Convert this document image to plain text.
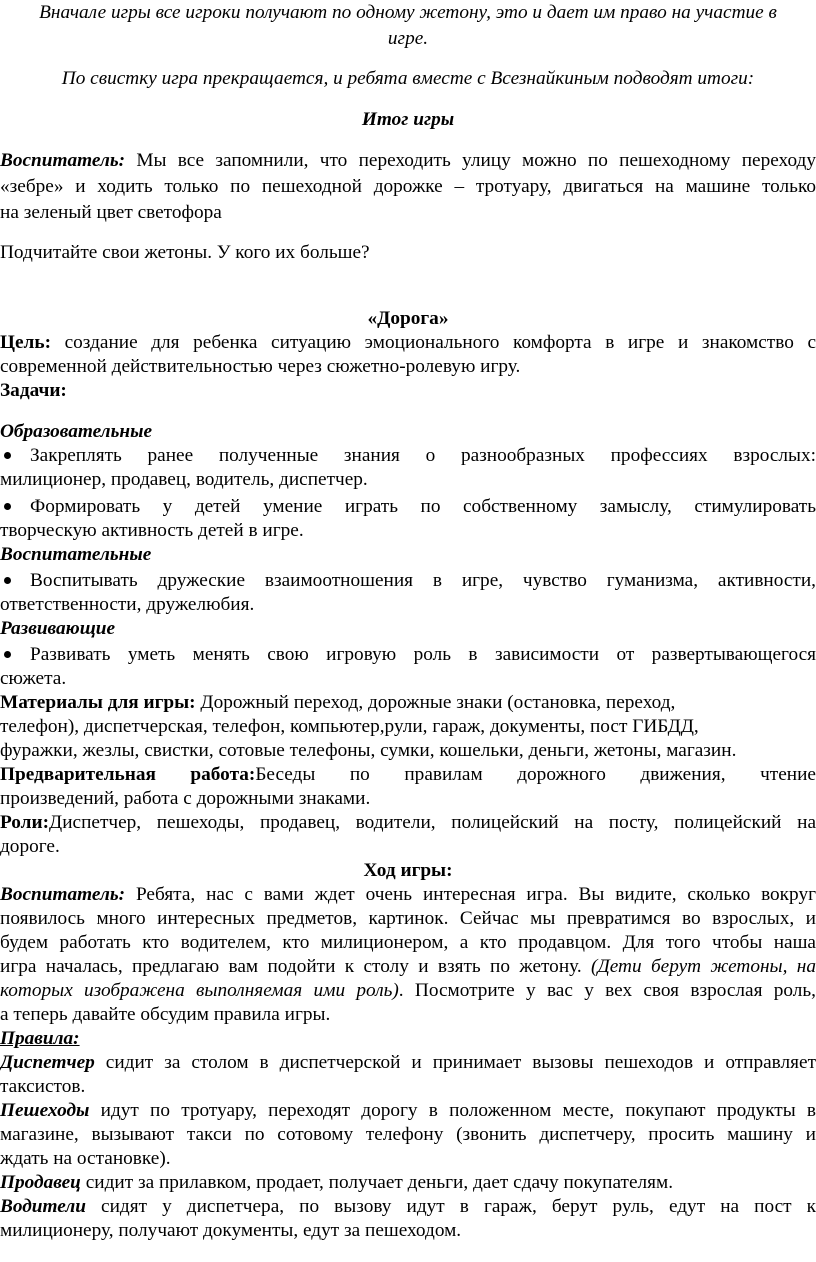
Вначале игры все игроки получают по одному жетону, это и дает им право на участие в
игре.
По свистку игра прекращается, и ребята вместе с Всезнайкиным подводят итоги:
Итог игры
Воспитатель: Мы все запомнили, что переходить улицу можно по пешеходному переходу
«зебре» и ходить только по пешеходной дорожке – тротуару, двигаться на машине только
на зеленый цвет светофора
Подчитайте свои жетоны. У кого их больше?
«Дорога»
Цель: создание для ребенка ситуацию эмоционального комфорта в игре и знакомство с
современной действительностью через сюжетно-ролевую игру.
Задачи:
Образовательные
Закреплять ранее полученные знания о разнообразных профессиях взрослых:
милиционер, продавец, водитель, диспетчер.
Формировать у детей умение играть по собственному замыслу, стимулировать
творческую активность детей в игре.
Воспитательные
Воспитывать дружеские взаимоотношения в игре, чувство гуманизма, активности,
ответственности, дружелюбия.
Развивающие
Развивать уметь менять свою игровую роль в зависимости от развертывающегося
сюжета.
Материалы для игры: Дорожный переход, дорожные знаки (остановка, переход,
телефон), диспетчерская, телефон, компьютер,рули, гараж, документы, пост ГИБДД,
фуражки, жезлы, свистки, сотовые телефоны, сумки, кошельки, деньги, жетоны, магазин.
Предварительная работа:Беседы по правилам дорожного движения, чтение
произведений, работа с дорожными знаками.
Роли:Диспетчер, пешеходы, продавец, водители, полицейский на посту, полицейский на
дороге.
Ход игры:
Воспитатель: Ребята, нас с вами ждет очень интересная игра. Вы видите, сколько вокруг
появилось много интересных предметов, картинок. Сейчас мы превратимся во взрослых, и
будем работать кто водителем, кто милиционером, а кто продавцом. Для того чтобы наша
игра началась, предлагаю вам подойти к столу и взять по жетону. (Дети берут жетоны, на
которых изображена выполняемая ими роль). Посмотрите у вас у вех своя взрослая роль,
а теперь давайте обсудим правила игры.
Правила:
Диспетчер сидит за столом в диспетчерской и принимает вызовы пешеходов и отправляет
таксистов.
Пешеходы идут по тротуару, переходят дорогу в положенном месте, покупают продукты в
магазине, вызывают такси по сотовому телефону (звонить диспетчеру, просить машину и
ждать на остановке).
Продавец сидит за прилавком, продает, получает деньги, дает сдачу покупателям.
Водители сидят у диспетчера, по вызову идут в гараж, берут руль, едут на пост к
милиционеру, получают документы, едут за пешеходом.
